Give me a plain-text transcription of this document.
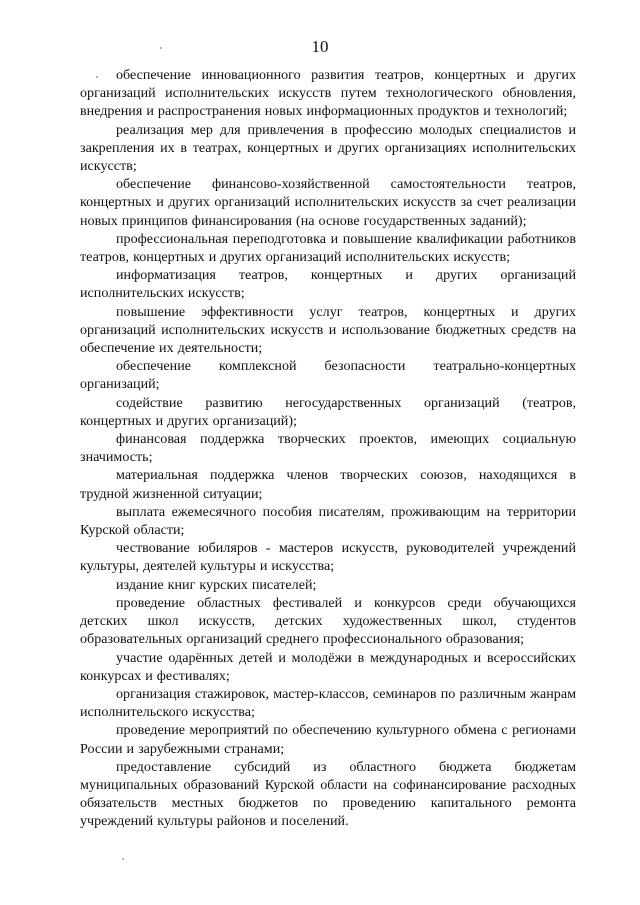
10

обеспечение инновационного развития театров, концертных и других организаций исполнительских искусств путем технологического обновления, внедрения и распространения новых информационных продуктов и технологий;

реализация мер для привлечения в профессию молодых специалистов и закрепления их в театрах, концертных и других организациях исполнительских искусств;

обеспечение финансово-хозяйственной самостоятельности театров, концертных и других организаций исполнительских искусств за счет реализации новых принципов финансирования (на основе государственных заданий);

профессиональная переподготовка и повышение квалификации работников театров, концертных и других организаций исполнительских искусств;

информатизация театров, концертных и других организаций исполнительских искусств;

повышение эффективности услуг театров, концертных и других организаций исполнительских искусств и использование бюджетных средств на обеспечение их деятельности;

обеспечение комплексной безопасности театрально-концертных организаций;

содействие развитию негосударственных организаций (театров, концертных и других организаций);

финансовая поддержка творческих проектов, имеющих социальную значимость;

материальная поддержка членов творческих союзов, находящихся в трудной жизненной ситуации;

выплата ежемесячного пособия писателям, проживающим на территории Курской области;

чествование юбиляров - мастеров искусств, руководителей учреждений культуры, деятелей культуры и искусства;

издание книг курских писателей;

проведение областных фестивалей и конкурсов среди обучающихся детских школ искусств, детских художественных школ, студентов образовательных организаций среднего профессионального образования;

участие одарённых детей и молодёжи в международных и всероссийских конкурсах и фестивалях;

организация стажировок, мастер-классов, семинаров по различным жанрам исполнительского искусства;

проведение мероприятий по обеспечению культурного обмена с регионами России и зарубежными странами;

предоставление субсидий из областного бюджета бюджетам муниципальных образований Курской области на софинансирование расходных обязательств местных бюджетов по проведению капитального ремонта учреждений культуры районов и поселений.
